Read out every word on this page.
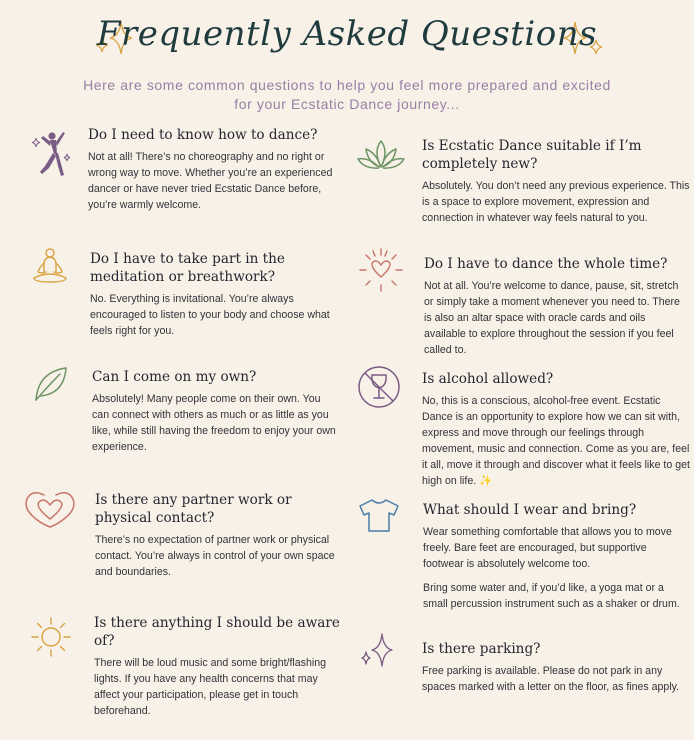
Frequently Asked Questions
Here are some common questions to help you feel more prepared and excited for your Ecstatic Dance journey...

Do I need to know how to dance?

Not at all! There’s no choreography and no right or wrong way to move. Whether you’re an experienced dancer or have never tried Ecstatic Dance before, you’re warmly welcome.

Do I have to take part in the meditation or breathwork?

No. Everything is invitational. You’re always encouraged to listen to your body and choose what feels right for you.

Can I come on my own?

Absolutely! Many people come on their own. You can connect with others as much or as little as you like, while still having the freedom to enjoy your own experience.

Is there any partner work or physical contact?

There’s no expectation of partner work or physical contact. You’re always in control of your own space and boundaries.

Is there anything I should be aware of?

There will be loud music and some bright/flashing lights. If you have any health concerns that may affect your participation, please get in touch beforehand.

Is Ecstatic Dance suitable if I’m completely new?

Absolutely. You don’t need any previous experience. This is a space to explore movement, expression and connection in whatever way feels natural to you.

Do I have to dance the whole time?

Not at all. You’re welcome to dance, pause, sit, stretch or simply take a moment whenever you need to. There is also an altar space with oracle cards and oils available to explore throughout the session if you feel called to.

Is alcohol allowed?

No, this is a conscious, alcohol-free event. Ecstatic Dance is an opportunity to explore how we can sit with, express and move through our feelings through movement, music and connection. Come as you are, feel it all, move it through and discover what it feels like to get high on life. ✨

What should I wear and bring?

Wear something comfortable that allows you to move freely. Bare feet are encouraged, but supportive footwear is absolutely welcome too.

Bring some water and, if you’d like, a yoga mat or a small percussion instrument such as a shaker or drum.

Is there parking?

Free parking is available. Please do not park in any spaces marked with a letter on the floor, as fines apply.
